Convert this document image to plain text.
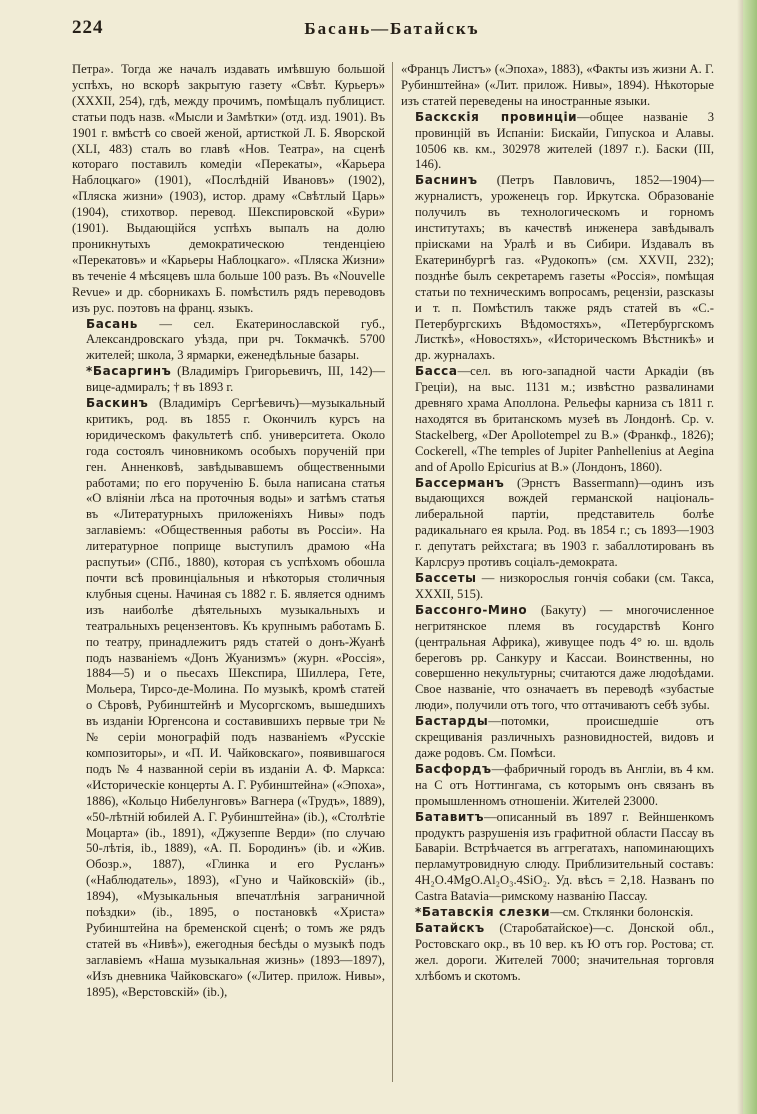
224	Басань—Батайскъ

Петра». Тогда же началъ издавать имѣвшую большой успѣхъ, но вскорѣ закрытую газету «Свѣт. Курьеръ» (XXXII, 254), гдѣ, между прочимъ, помѣщалъ публицист. статьи подъ назв. «Мысли и Замѣтки» (отд. изд. 1901). Въ 1901 г. вмѣстѣ со своей женой, артисткой Л. Б. Яворской (XLI, 483) сталъ во главѣ «Нов. Театра», на сценѣ котораго поставилъ комедіи «Перекаты», «Карьера Наблоцкаго» (1901), «Послѣдній Ивановъ» (1902), «Пляска жизни» (1903), истор. драму «Свѣтлый Царь» (1904), стихотвор. перевод. Шекспировской «Бури» (1901). Выдающійся успѣхъ выпалъ на долю проникнутыхъ демократическою тенденціею «Перекатовъ» и «Карьеры Наблоцкаго». «Пляска Жизни» въ теченіе 4 мѣсяцевъ шла больше 100 разъ. Въ «Nouvelle Revue» и др. сборникахъ Б. помѣстилъ рядъ переводовъ изъ рус. поэтовъ на франц. языкъ.

Басань — сел. Екатеринославской губ., Александровскаго уѣзда, при рч. Токмачкѣ. 5700 жителей; школа, 3 ярмарки, еженедѣльные базары.

*Басаргинъ (Владиміръ Григорьевичъ, III, 142)—вице-адмиралъ; † въ 1893 г.

Баскинъ (Владиміръ Сергѣевичъ)—музыкальный критикъ, род. въ 1855 г. Окончилъ курсъ на юридическомъ факультетѣ спб. университета. Около года состоялъ чиновникомъ особыхъ порученій при ген. Анненковѣ, завѣдывавшемъ общественными работами; по его порученію Б. была написана статья «О вліяніи лѣса на проточныя воды» и затѣмъ статья въ «Литературныхъ приложеніяхъ Нивы» подъ заглавіемъ: «Общественныя работы въ Россіи». На литературное поприще выступилъ драмою «На распутьи» (СПб., 1880), которая съ успѣхомъ обошла почти всѣ провинціальныя и нѣкоторыя столичныя клубныя сцены. Начиная съ 1882 г. Б. является однимъ изъ наиболѣе дѣятельныхъ музыкальныхъ и театральныхъ рецензентовъ. Къ крупнымъ работамъ Б. по театру, принадлежитъ рядъ статей о донъ-Жуанѣ подъ названіемъ «Донъ Жуанизмъ» (журн. «Россія», 1884—5) и о пьесахъ Шекспира, Шиллера, Гете, Мольера, Тирсо-де-Молина. По музыкѣ, кромѣ статей о Сѣровѣ, Рубинштейнѣ и Мусоргскомъ, вышедшихъ въ изданіи Юргенсона и составившихъ первые три №№ серіи монографій подъ названіемъ «Русскіе композиторы», и «П. И. Чайковскаго», появившагося подъ № 4 названной серіи въ изданіи А. Ф. Маркса: «Историческіе концерты А. Г. Рубинштейна» («Эпоха», 1886), «Кольцо Нибелунговъ» Вагнера («Трудъ», 1889), «50-лѣтній юбилей А. Г. Рубинштейна» (ib.), «Столѣтіе Моцарта» (ib., 1891), «Джузеппе Верди» (по случаю 50-лѣтія, ib., 1889), «А. П. Бородинъ» (ib. и «Жив. Обозр.», 1887), «Глинка и его Русланъ» («Наблюдатель», 1893), «Гуно и Чайковскій» (ib., 1894), «Музыкальныя впечатлѣнія заграничной поѣздки» (ib., 1895, о постановкѣ «Христа» Рубинштейна на бременской сценѣ; о томъ же рядъ статей въ «Нивѣ»), ежегодныя бесѣды о музыкѣ подъ заглавіемъ «Наша музыкальная жизнь» (1893—1897), «Изъ дневника Чайковскаго» («Литер. прилож. Нивы», 1895), «Верстовскій» (ib.),

«Францъ Листъ» («Эпоха», 1883), «Факты изъ жизни А. Г. Рубинштейна» («Лит. прилож. Нивы», 1894). Нѣкоторые изъ статей переведены на иностранные языки.

Баскскія провинціи—общее названіе 3 провинцій въ Испаніи: Бискайи, Гипускоа и Алавы. 10506 кв. км., 302978 жителей (1897 г.). Баски (III, 146).

Баснинъ (Петръ Павловичъ, 1852—1904)—журналистъ, уроженецъ гор. Иркутска. Образованіе получилъ въ технологическомъ и горномъ институтахъ; въ качествѣ инженера завѣдывалъ пріисками на Уралѣ и въ Сибири. Издавалъ въ Екатеринбургѣ газ. «Рудокопъ» (см. XXVII, 232); позднѣе былъ секретаремъ газеты «Россія», помѣщая статьи по техническимъ вопросамъ, рецензіи, разсказы и т. п. Помѣстилъ также рядъ статей въ «С.-Петербургскихъ Вѣдомостяхъ», «Петербургскомъ Листкѣ», «Новостяхъ», «Историческомъ Вѣстникѣ» и др. журналахъ.

Басса—сел. въ юго-западной части Аркадіи (въ Греціи), на выс. 1131 м.; извѣстно развалинами древняго храма Аполлона. Рельефы карниза съ 1811 г. находятся въ британскомъ музеѣ въ Лондонѣ. Ср. v. Stackelberg, «Der Apollotempel zu B.» (Франкф., 1826); Cockerell, «The temples of Jupiter Panhellenius at Aegina and of Apollo Epicurius at B.» (Лондонъ, 1860).

Бассерманъ (Эрнстъ Bassermann)—одинъ изъ выдающихся вождей германской національ-либеральной партіи, представитель болѣе радикальнаго ея крыла. Род. въ 1854 г.; съ 1893—1903 г. депутатъ рейхстага; въ 1903 г. забаллотированъ въ Карлсруэ противъ соціалъ-демократа.

Бассеты — низкорослыя гончія собаки (см. Такса, XXXII, 515).

Бассонго-Мино (Бакуту) — многочисленное негритянское племя въ государствѣ Конго (центральная Африка), живущее подъ 4° ю. ш. вдоль береговъ рр. Санкуру и Кассаи. Воинственны, но совершенно некультурны; считаются даже людоѣдами. Свое названіе, что означаетъ въ переводѣ «зубастые люди», получили отъ того, что оттачиваютъ себѣ зубы.

Бастарды—потомки, происшедшіе отъ скрещиванія различныхъ разновидностей, видовъ и даже родовъ. См. Помѣси.

Басфордъ—фабричный городъ въ Англіи, въ 4 км. на С отъ Ноттингама, съ которымъ онъ связанъ въ промышленномъ отношеніи. Жителей 23000.

Батавитъ—описанный въ 1897 г. Вейншенкомъ продуктъ разрушенія изъ графитной области Пассау въ Баваріи. Встрѣчается въ аггрегатахъ, напоминающихъ перламутровидную слюду. Приблизительный составъ: 4H₂O.4MgO.Al₂O₃.4SiO₂. Уд. вѣсъ = 2,18. Названъ по Castra Batavia—римскому названію Пассау.

*Батавскія слезки—см. Стклянки болонскія.

Батайскъ (Старобатайское)—с. Донской обл., Ростовскаго окр., въ 10 вер. къ Ю отъ гор. Ростова; ст. жел. дороги. Жителей 7000; значительная торговля хлѣбомъ и скотомъ.
